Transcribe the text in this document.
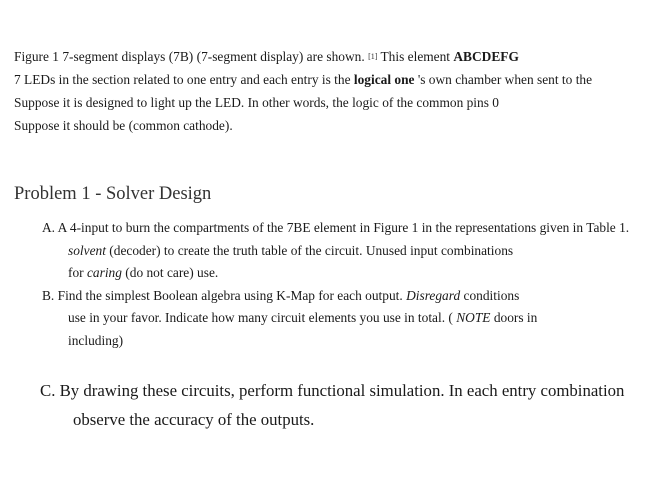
Figure 1 7-segment displays (7B) (7-segment display) are shown. [1] This element ABCDEFG
7 LEDs in the section related to one entry and each entry is the logical one 's own chamber when sent to the
Suppose it is designed to light up the LED. In other words, the logic of the common pins 0
Suppose it should be (common cathode).
Problem 1 - Solver Design
A. A 4-input to burn the compartments of the 7BE element in Figure 1 in the representations given in Table 1.
solvent (decoder) to create the truth table of the circuit. Unused input combinations
for caring (do not care) use.
B. Find the simplest Boolean algebra using K-Map for each output. Disregard conditions
use in your favor. Indicate how many circuit elements you use in total. ( NOTE doors in
including)
C. By drawing these circuits, perform functional simulation. In each entry combination
observe the accuracy of the outputs.
